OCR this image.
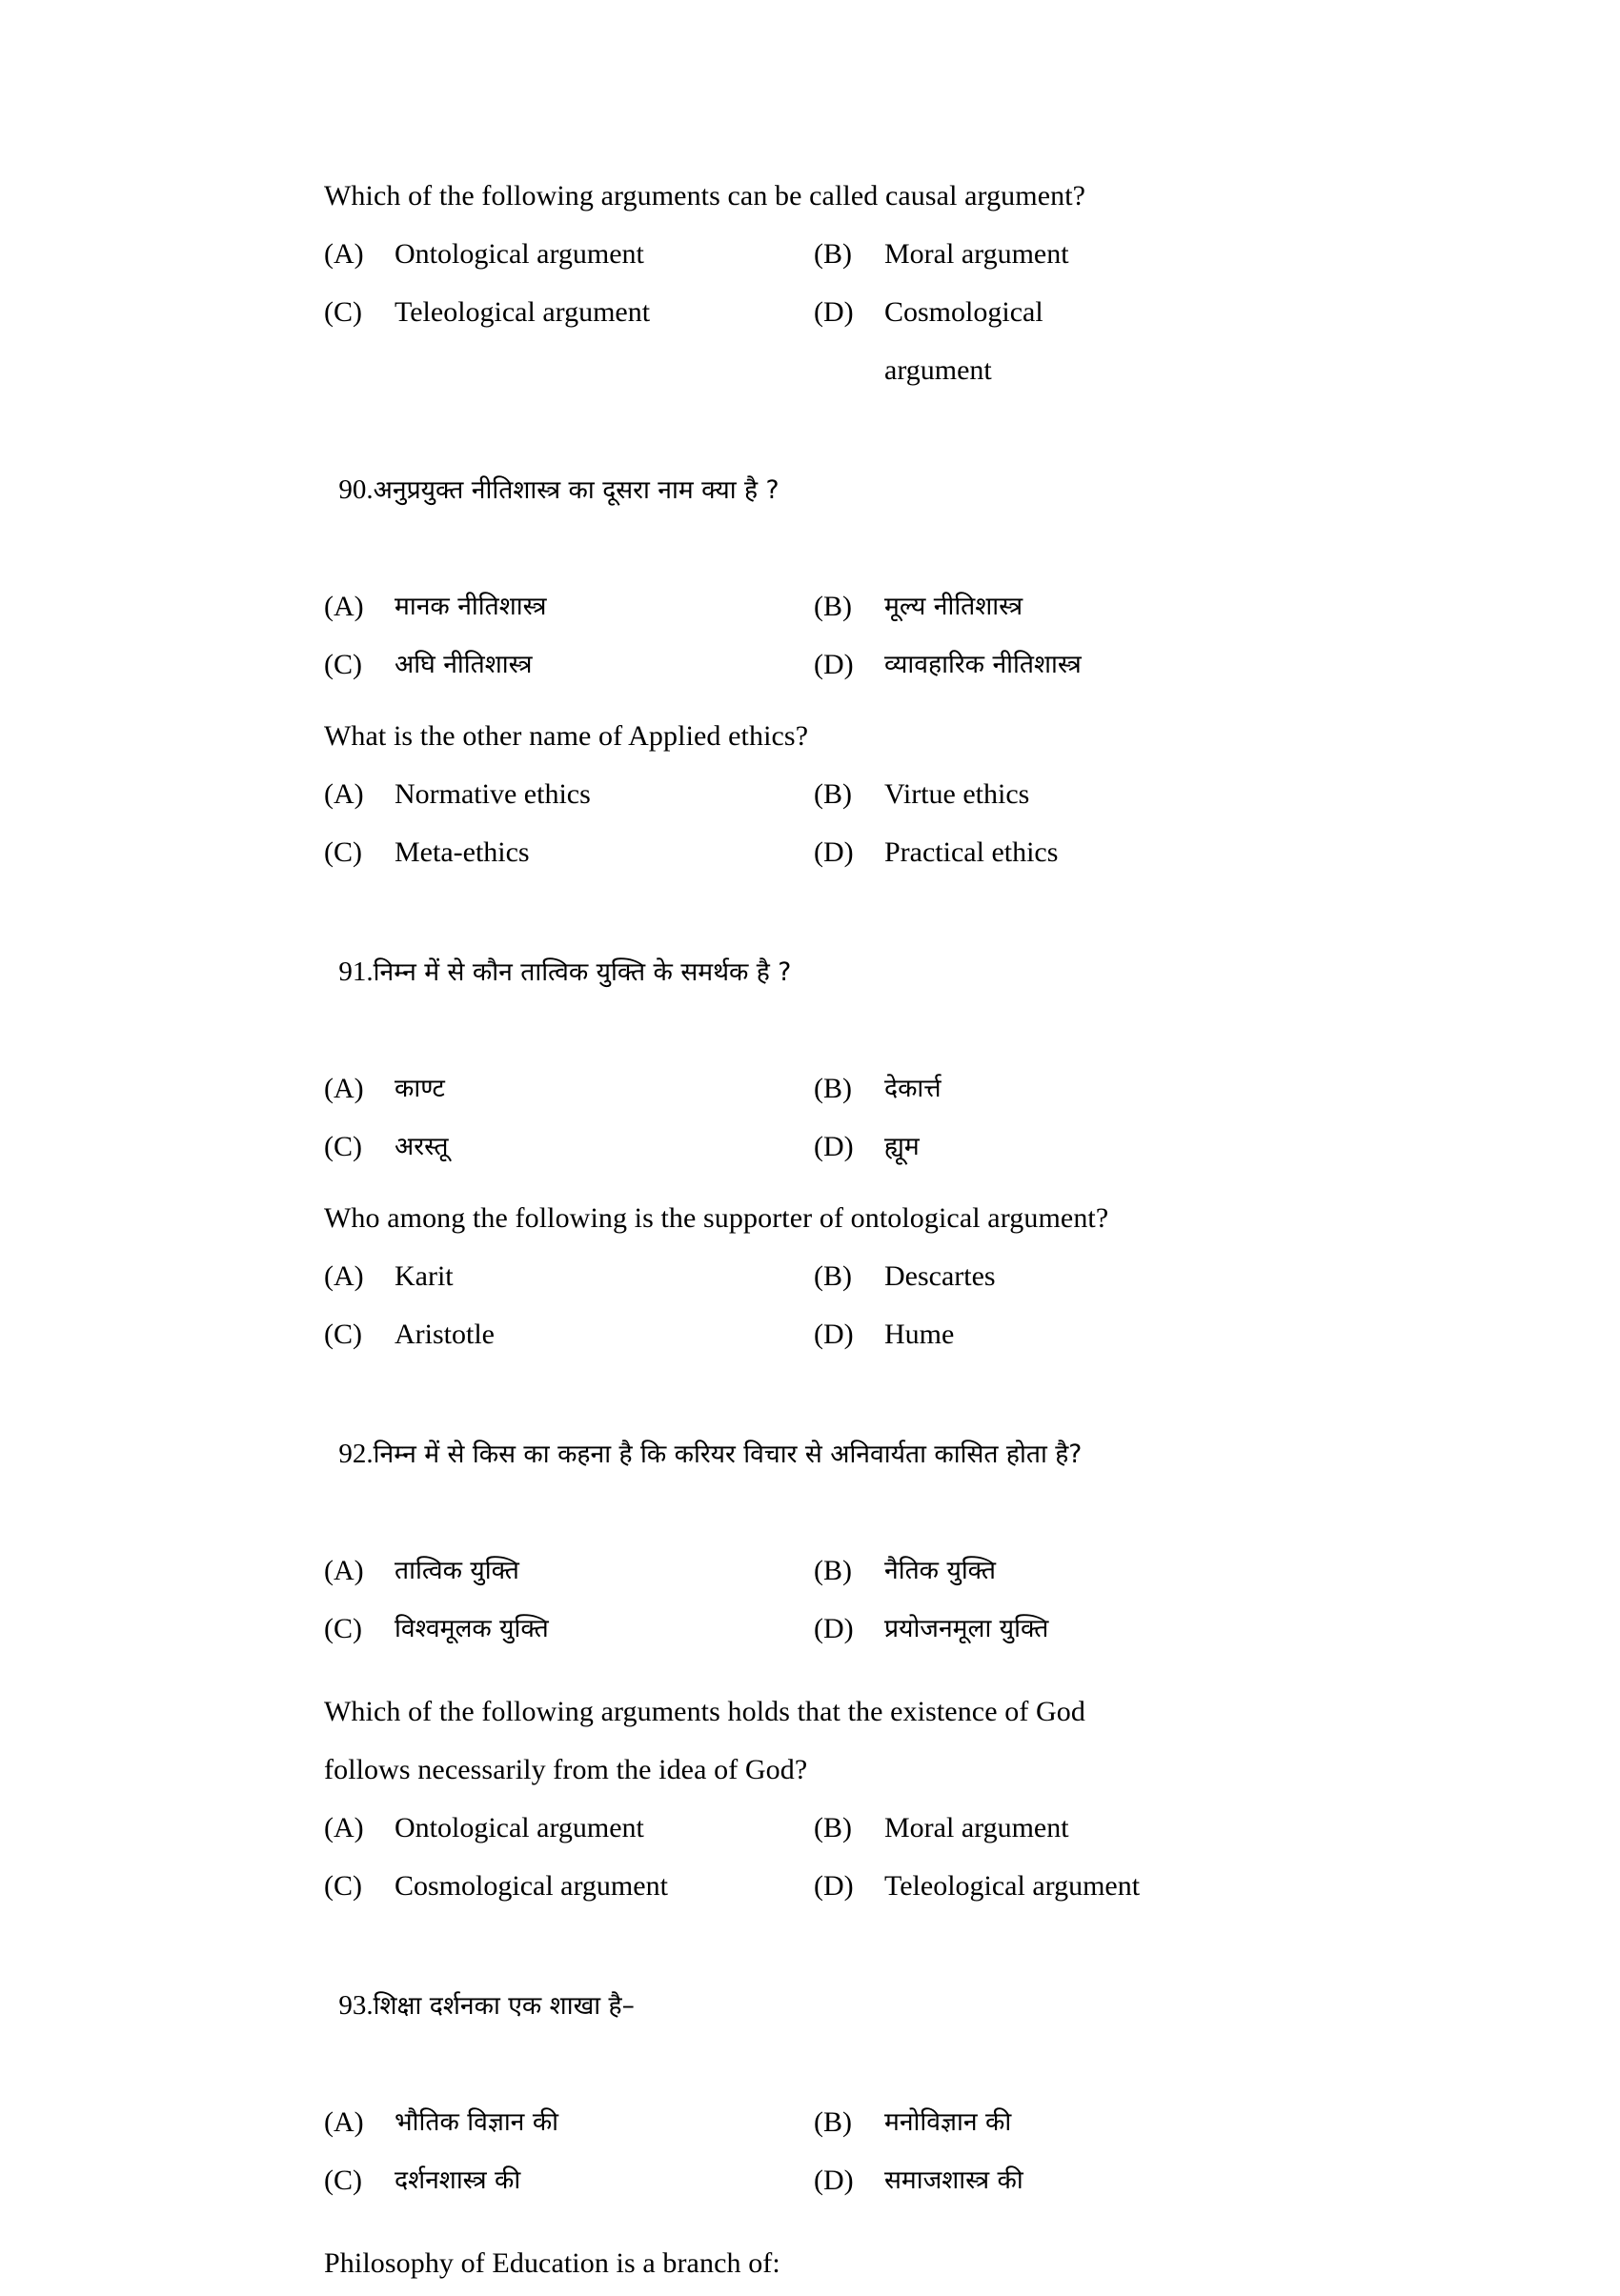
Which of the following arguments can be called causal argument?
(A)	Ontological argument	(B)	Moral argument
(C)	Teleological argument	(D)	Cosmological
argument

90.अनुप्रयुक्त नीतिशास्त्र का दूसरा नाम क्या है ?

(A)	मानक नीतिशास्त्र	(B)	मूल्य नीतिशास्त्र
(C)	अघि नीतिशास्त्र	(D)	व्यावहारिक नीतिशास्त्र
What is the other name of Applied ethics?
(A)	Normative ethics	(B)	Virtue ethics
(C)	Meta-ethics	(D)	Practical ethics

91.निम्न में से कौन तात्विक युक्ति के समर्थक है ?

(A)	काण्ट	(B)	देकार्त्त
(C)	अरस्तू	(D)	ह्यूम
Who among the following is the supporter of ontological argument?
(A)	Karit	(B)	Descartes
(C)	Aristotle	(D)	Hume

92.निम्न में से किस का कहना है कि करियर विचार से अनिवार्यता कासित होता है?

(A)	तात्विक युक्ति	(B)	नैतिक युक्ति
(C)	विश्वमूलक युक्ति	(D)	प्रयोजनमूला युक्ति
Which of the following arguments holds that the existence of God
follows necessarily from the idea of God?
(A)	Ontological argument	(B)	Moral argument
(C)	Cosmological argument	(D)	Teleological argument

93.शिक्षा दर्शनका एक शाखा है–

(A)	भौतिक विज्ञान की	(B)	मनोविज्ञान की
(C)	दर्शनशास्त्र की	(D)	समाजशास्त्र की
Philosophy of Education is a branch of:
